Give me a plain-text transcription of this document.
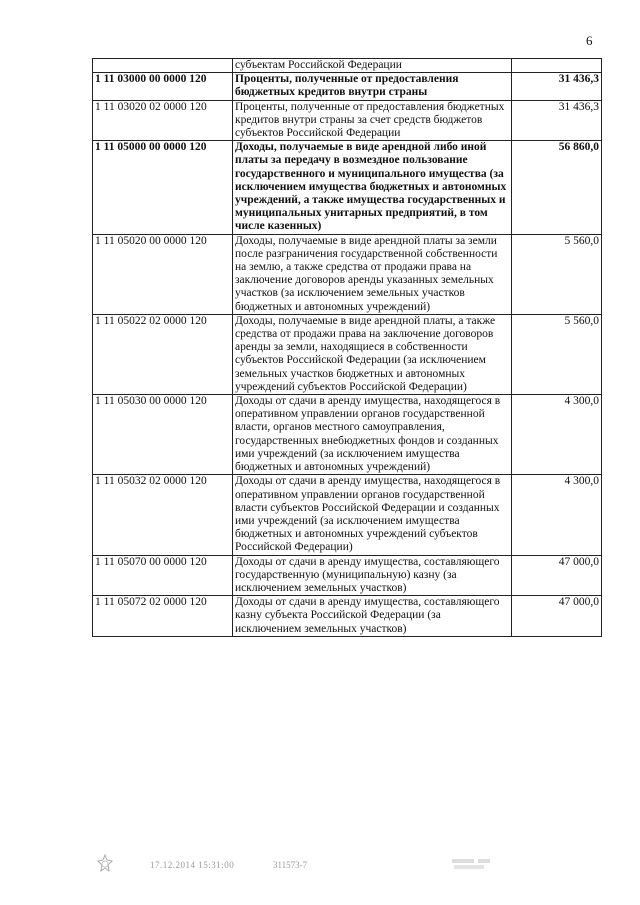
6
	субъектам Российской Федерации	
1 11 03000 00 0000 120	Проценты, полученные от предоставления бюджетных кредитов внутри страны	31 436,3
1 11 03020 02 0000 120	Проценты, полученные от предоставления бюджетных кредитов внутри страны за счет средств бюджетов субъектов Российской Федерации	31 436,3
1 11 05000 00 0000 120	Доходы, получаемые в виде арендной либо иной платы за передачу в возмездное пользование государственного и муниципального имущества (за исключением имущества бюджетных и автономных учреждений, а также имущества государственных и муниципальных унитарных предприятий, в том числе казенных)	56 860,0
1 11 05020 00 0000 120	Доходы, получаемые в виде арендной платы за земли после разграничения государственной собственности на землю, а также средства от продажи права на заключение договоров аренды указанных земельных участков (за исключением земельных участков бюджетных и автономных учреждений)	5 560,0
1 11 05022 02 0000 120	Доходы, получаемые в виде арендной платы, а также средства от продажи права на заключение договоров аренды за земли, находящиеся в собственности субъектов Российской Федерации (за исключением земельных участков бюджетных и автономных учреждений субъектов Российской Федерации)	5 560,0
1 11 05030 00 0000 120	Доходы от сдачи в аренду имущества, находящегося в оперативном управлении органов государственной власти, органов местного самоуправления, государственных внебюджетных фондов и созданных ими учреждений (за исключением имущества бюджетных и автономных учреждений)	4 300,0
1 11 05032 02 0000 120	Доходы от сдачи в аренду имущества, находящегося в оперативном управлении органов государственной власти субъектов Российской Федерации и созданных ими учреждений (за исключением имущества бюджетных и автономных учреждений субъектов Российской Федерации)	4 300,0
1 11 05070 00 0000 120	Доходы от сдачи в аренду имущества, составляющего государственную (муниципальную) казну (за исключением земельных участков)	47 000,0
1 11 05072 02 0000 120	Доходы от сдачи в аренду имущества, составляющего казну субъекта Российской Федерации (за исключением земельных участков)	47 000,0
17.12.2014 15:31:00	311573-7
